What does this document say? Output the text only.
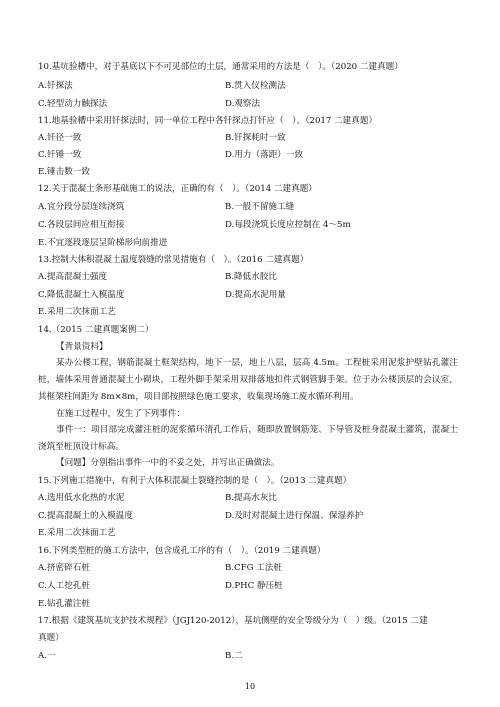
10.基坑验槽中，对于基底以下不可见部位的土层，通常采用的方法是（　）。（2020 二建真题）
A.钎探法	B.贯入仪检测法
C.轻型动力触探法	D.观察法
11.地基验槽中采用钎探法时，同一单位工程中各钎探点打钎应（　）。（2017 二建真题）
A.钎径一致	B.钎探耗时一致
C.钎锤一致	D.用力（落距）一致
E.锤击数一致
12.关于混凝土条形基础施工的说法，正确的有（　）。（2014 二建真题）
A.宜分段分层连续浇筑	B.一般不留施工缝
C.各段层间应相互衔接	D.每段浇筑长度应控制在 4～5m
E.不宜逐段逐层呈阶梯形向前推进
13.控制大体积混凝土温度裂缝的常见措施有（　）。（2016 二建真题）
A.提高混凝土强度	B.降低水胶比
C.降低混凝土入模温度	D.提高水泥用量
E.采用二次抹面工艺
14.（2015 二建真题案例二）
【背景资料】
某办公楼工程，钢筋混凝土框架结构，地下一层，地上八层，层高 4.5m。工程桩采用泥浆护壁钻孔灌注桩，墙体采用普通混凝土小砌块，工程外脚手架采用双排落地扣件式钢管脚手架。位于办公楼顶层的会议室，其框架柱间距为 8m×8m，项目部按照绿色施工要求，收集现场施工废水循环利用。
在施工过程中，发生了下列事件：
事件一：项目部完成灌注桩的泥浆循环清孔工作后，随即放置钢筋笼、下导管及桩身混凝土灌筑，混凝土浇筑至桩顶设计标高。
【问题】分别指出事件一中的不妥之处，并写出正确做法。
15.下列施工措施中，有利于大体积混凝土裂缝控制的是（　）。（2013 二建真题）
A.选用低水化热的水泥	B.提高水灰比
C.提高混凝土的入模温度	D.及时对混凝土进行保温、保湿养护
E.采用二次抹面工艺
16.下列类型桩的施工方法中，包含成孔工序的有（　）。（2019 二建真题）
A.挤密碎石桩	B.CFG 工法桩
C.人工挖孔桩	D.PHC 静压桩
E.钻孔灌注桩
17.根据《建筑基坑支护技术规程》（JGJ120-2012），基坑侧壁的安全等级分为（　）级。（2015 二建
真题）
A.一	B.二
10
